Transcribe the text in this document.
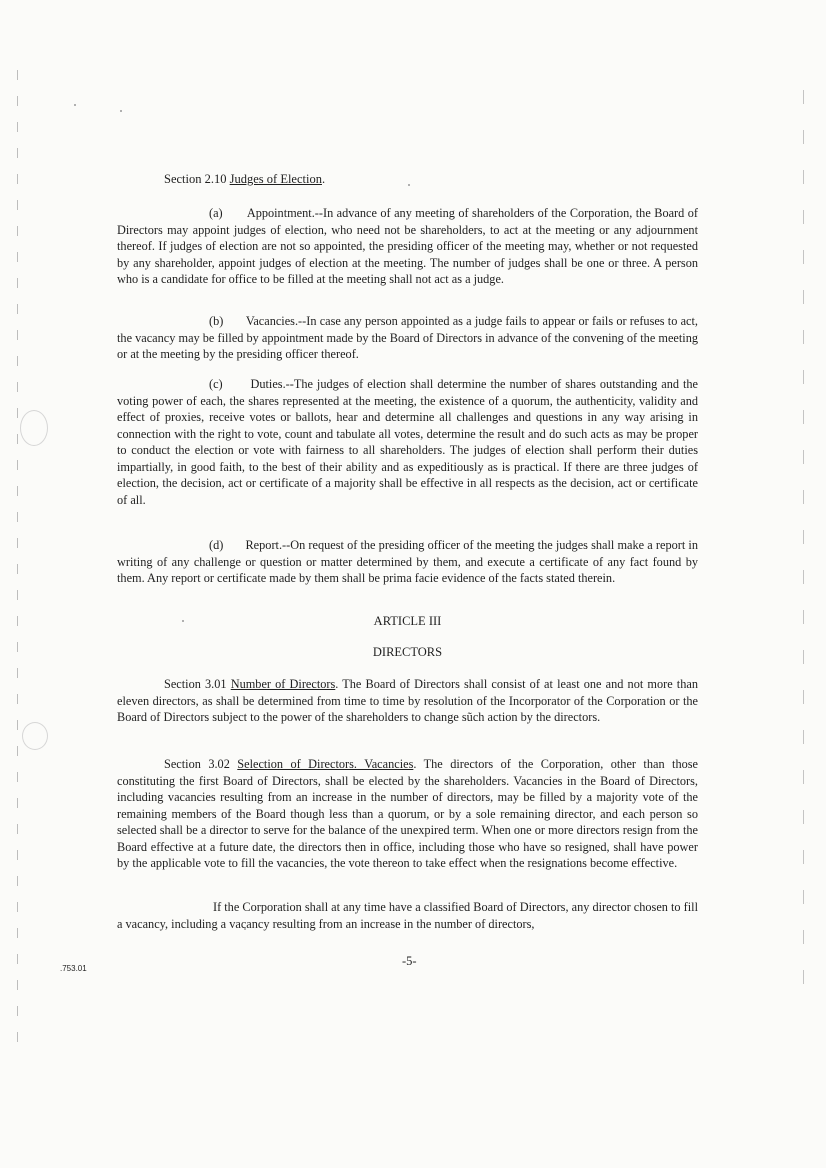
Section 2.10 Judges of Election.

(a) Appointment.--In advance of any meeting of shareholders of the Corporation, the Board of Directors may appoint judges of election, who need not be shareholders, to act at the meeting or any adjournment thereof. If judges of election are not so appointed, the presiding officer of the meeting may, whether or not requested by any shareholder, appoint judges of election at the meeting. The number of judges shall be one or three. A person who is a candidate for office to be filled at the meeting shall not act as a judge.

(b) Vacancies.--In case any person appointed as a judge fails to appear or fails or refuses to act, the vacancy may be filled by appointment made by the Board of Directors in advance of the convening of the meeting or at the meeting by the presiding officer thereof.

(c) Duties.--The judges of election shall determine the number of shares outstanding and the voting power of each, the shares represented at the meeting, the existence of a quorum, the authenticity, validity and effect of proxies, receive votes or ballots, hear and determine all challenges and questions in any way arising in connection with the right to vote, count and tabulate all votes, determine the result and do such acts as may be proper to conduct the election or vote with fairness to all shareholders. The judges of election shall perform their duties impartially, in good faith, to the best of their ability and as expeditiously as is practical. If there are three judges of election, the decision, act or certificate of a majority shall be effective in all respects as the decision, act or certificate of all.

(d) Report.--On request of the presiding officer of the meeting the judges shall make a report in writing of any challenge or question or matter determined by them, and execute a certificate of any fact found by them. Any report or certificate made by them shall be prima facie evidence of the facts stated therein.

ARTICLE III
DIRECTORS

Section 3.01 Number of Directors. The Board of Directors shall consist of at least one and not more than eleven directors, as shall be determined from time to time by resolution of the Incorporator of the Corporation or the Board of Directors subject to the power of the shareholders to change sũch action by the directors.

Section 3.02 Selection of Directors. Vacancies. The directors of the Corporation, other than those constituting the first Board of Directors, shall be elected by the shareholders. Vacancies in the Board of Directors, including vacancies resulting from an increase in the number of directors, may be filled by a majority vote of the remaining members of the Board though less than a quorum, or by a sole remaining director, and each person so selected shall be a director to serve for the balance of the unexpired term. When one or more directors resign from the Board effective at a future date, the directors then in office, including those who have so resigned, shall have power by the applicable vote to fill the vacancies, the vote thereon to take effect when the resignations become effective.

If the Corporation shall at any time have a classified Board of Directors, any director chosen to fill a vacancy, including a vacancy resulting from an increase in the number of directors,

.753.01
-5-
